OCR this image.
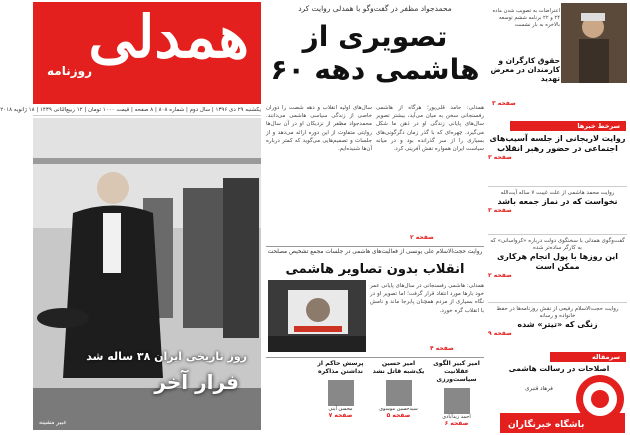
همدلی
روزنامه
یکشنبه ۲۹ دی ۱۳۹۶ | سال دوم | شماره ۸۰۸ | ۸ صفحه | قیمت ۱۰۰۰ تومان | ۱۲ ربیع‌الثانی ۱۴۳۹ | ۱۸ ژانویه ۲۰۱۸
روز تاریخی ایران ۳۸ ساله شد
فرار آخر
عبیر مشینه
محمدجواد مظفر در گفت‌وگو با همدلی روایت کرد
تصویری از
هاشمی دهه ۶۰
همدلی: حامد قلی‌پور؛ هرگاه از هاشمی رفسنجانی سخن به میان می‌آید، بیشتر تصویر سال‌های پایانی زندگی او در ذهن ما شکل می‌گیرد. چهره‌ای که با گذر زمان دگرگونی‌های بسیاری را از سر گذرانده بود و در میانه سیاست ایران همواره نقش آفرینی کرد.
سال‌های اولیه انقلاب و دهه شصت را دوران خاصی از زندگی سیاسی هاشمی می‌دانند. محمدجواد مظفر از نزدیکان او در آن سال‌ها روایتی متفاوت از این دوره ارائه می‌دهد و از جلسات و تصمیم‌هایی می‌گوید که کمتر درباره آن‌ها شنیده‌ایم.
صفحه ۲
روایت حجت‌الاسلام علی یونسی از فعالیت‌های هاشمی در جلسات مجمع تشخیص مصلحت
انقلاب بدون تصاویر هاشمی
همدلی: هاشمی رفسنجانی در سال‌های پایانی عمر خود بارها مورد انتقاد قرار گرفت؛ اما تصویر او در نگاه بسیاری از مردم همچنان پابرجا ماند و نامش با انقلاب گره خورد.
صفحه ۴
امیر کبیر الگوی عقلانیت سیاست‌ورزی
احمد زیدآبادی
صفحه ۶
امیر حسین یک‌شبه قاتل نشد
سیدحسین موسوی
صفحه ۵
پرسش حاکم از نداشتن مذاکره
محسن آیتی
صفحه ۷
اعتراضات به تصویب شدن ماده ۲۴ و ۲۲ برنامه ششم توسعه بالاخره به بار نشست
حقوق کارگران و کارمندان در معرض تهدید
صفحه ۳
سرخط خبرها
روایت لاریجانی از جلسه آسیب‌های اجتماعی در حضور رهبر انقلاب
صفحه ۳
روایت محمد هاشمی از علت غیبت ۷ ساله آیت‌الله
نخواست که در نماز جمعه باشد
صفحه ۳
گفت‌وگوی همدلی با سخنگوی دولت درباره «کرواسانی» که به کارگر ساده‌تر شده
این روزها با پول انجام هرکاری ممکن است
صفحه ۲
روایت حجت‌الاسلام رفیعی از نقش روزنامه‌ها در حفظ خانواده و رسانه
زنگی که «تیتر» شده
صفحه ۹
سرمقاله
اصلاحات در رسالت هاشمی
فرهاد قنبری
باشگاه خبرنگاران
